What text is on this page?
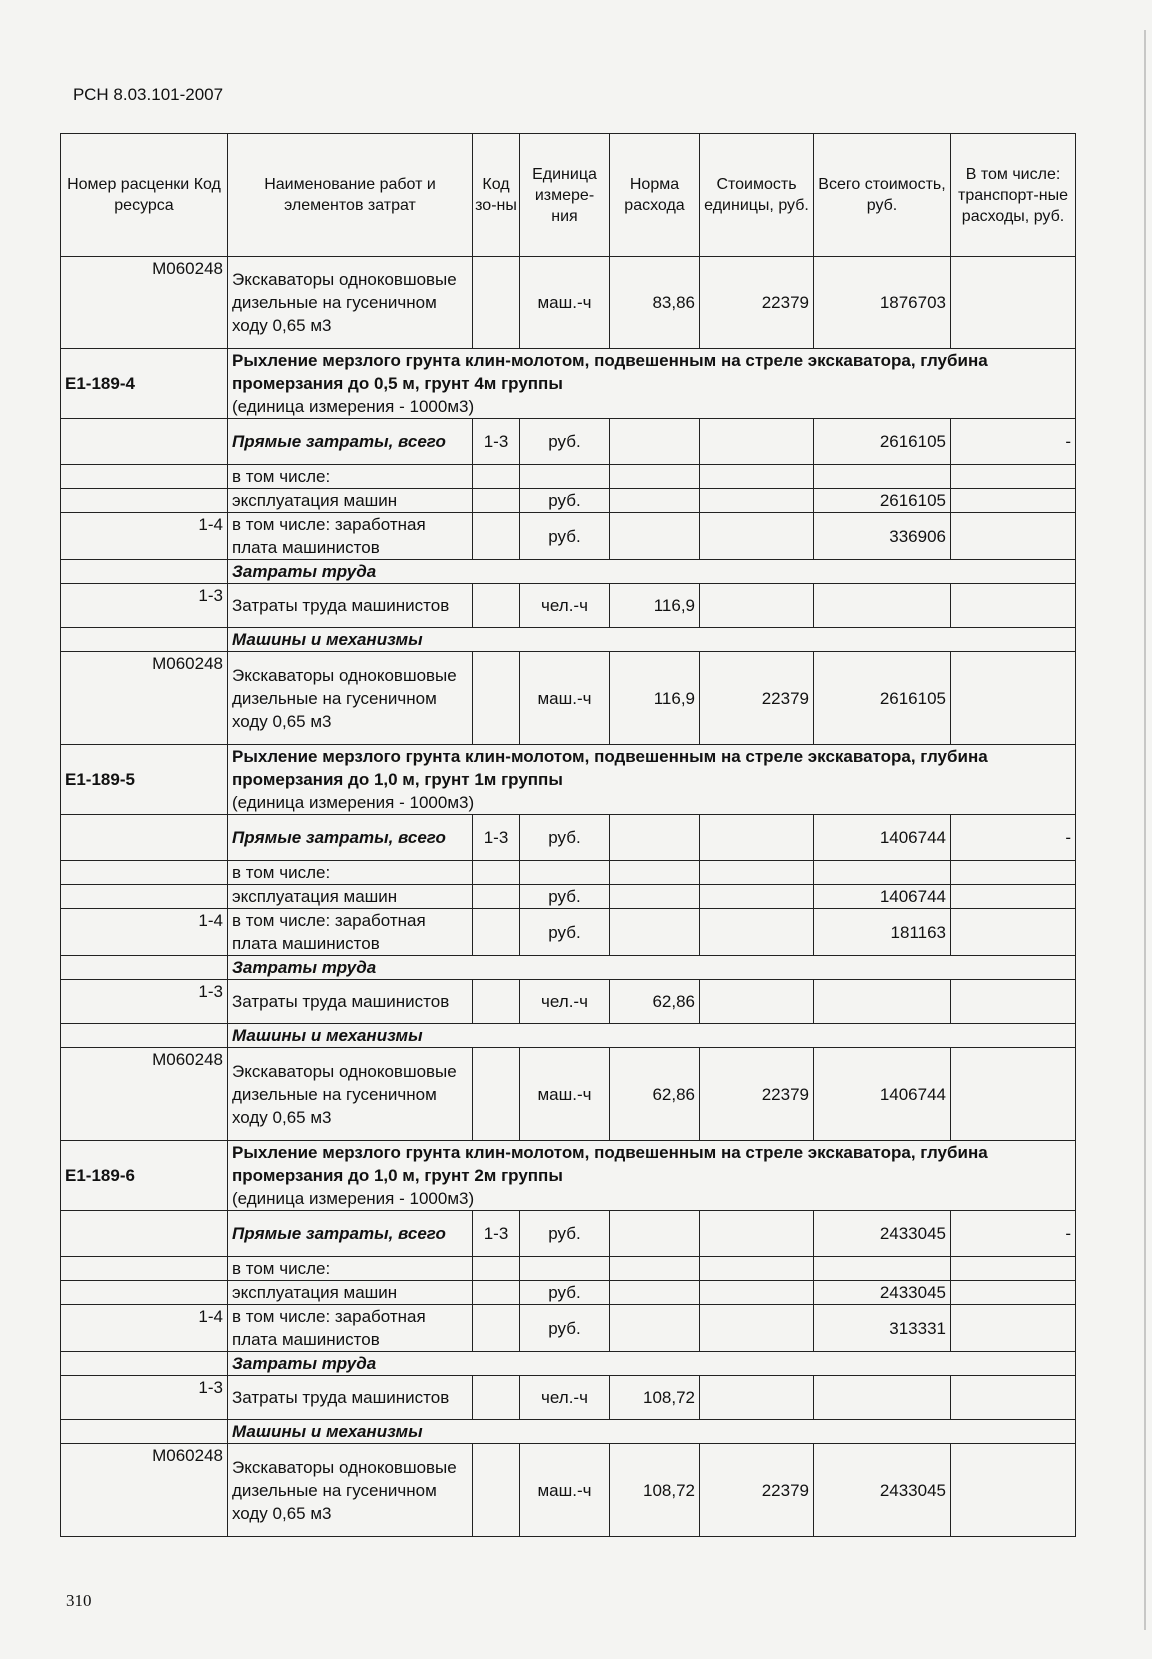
РСН 8.03.101-2007
Номер расценки Код ресурса	Наименование работ и элементов затрат	Код зо-ны	Единица измере-ния	Норма расхода	Стоимость единицы, руб.	Всего стоимость, руб.	В том числе: транспорт-ные расходы, руб.
М060248	Экскаваторы одноковшовые дизельные на гусеничном ходу 0,65 м3		маш.-ч	83,86	22379	1876703	
Е1-189-4	Рыхление мерзлого грунта клин-молотом, подвешенным на стреле экскаватора, глубина промерзания до 0,5 м, грунт 4м группы
(единица измерения - 1000м3)						
	Прямые затраты, всего	1-3	руб.			2616105	-
	в том числе:						
	эксплуатация машин		руб.			2616105	
1-4	в том числе: заработная плата машинистов		руб.			336906	
	Затраты труда						
1-3	Затраты труда машинистов		чел.-ч	116,9			
	Машины и механизмы						
М060248	Экскаваторы одноковшовые дизельные на гусеничном ходу 0,65 м3		маш.-ч	116,9	22379	2616105	
Е1-189-5	Рыхление мерзлого грунта клин-молотом, подвешенным на стреле экскаватора, глубина промерзания до 1,0 м, грунт 1м группы
(единица измерения - 1000м3)						
	Прямые затраты, всего	1-3	руб.			1406744	-
	в том числе:						
	эксплуатация машин		руб.			1406744	
1-4	в том числе: заработная плата машинистов		руб.			181163	
	Затраты труда						
1-3	Затраты труда машинистов		чел.-ч	62,86			
	Машины и механизмы						
М060248	Экскаваторы одноковшовые дизельные на гусеничном ходу 0,65 м3		маш.-ч	62,86	22379	1406744	
Е1-189-6	Рыхление мерзлого грунта клин-молотом, подвешенным на стреле экскаватора, глубина промерзания до 1,0 м, грунт 2м группы
(единица измерения - 1000м3)						
	Прямые затраты, всего	1-3	руб.			2433045	-
	в том числе:						
	эксплуатация машин		руб.			2433045	
1-4	в том числе: заработная плата машинистов		руб.			313331	
	Затраты труда						
1-3	Затраты труда машинистов		чел.-ч	108,72			
	Машины и механизмы						
М060248	Экскаваторы одноковшовые дизельные на гусеничном ходу 0,65 м3		маш.-ч	108,72	22379	2433045	
310
